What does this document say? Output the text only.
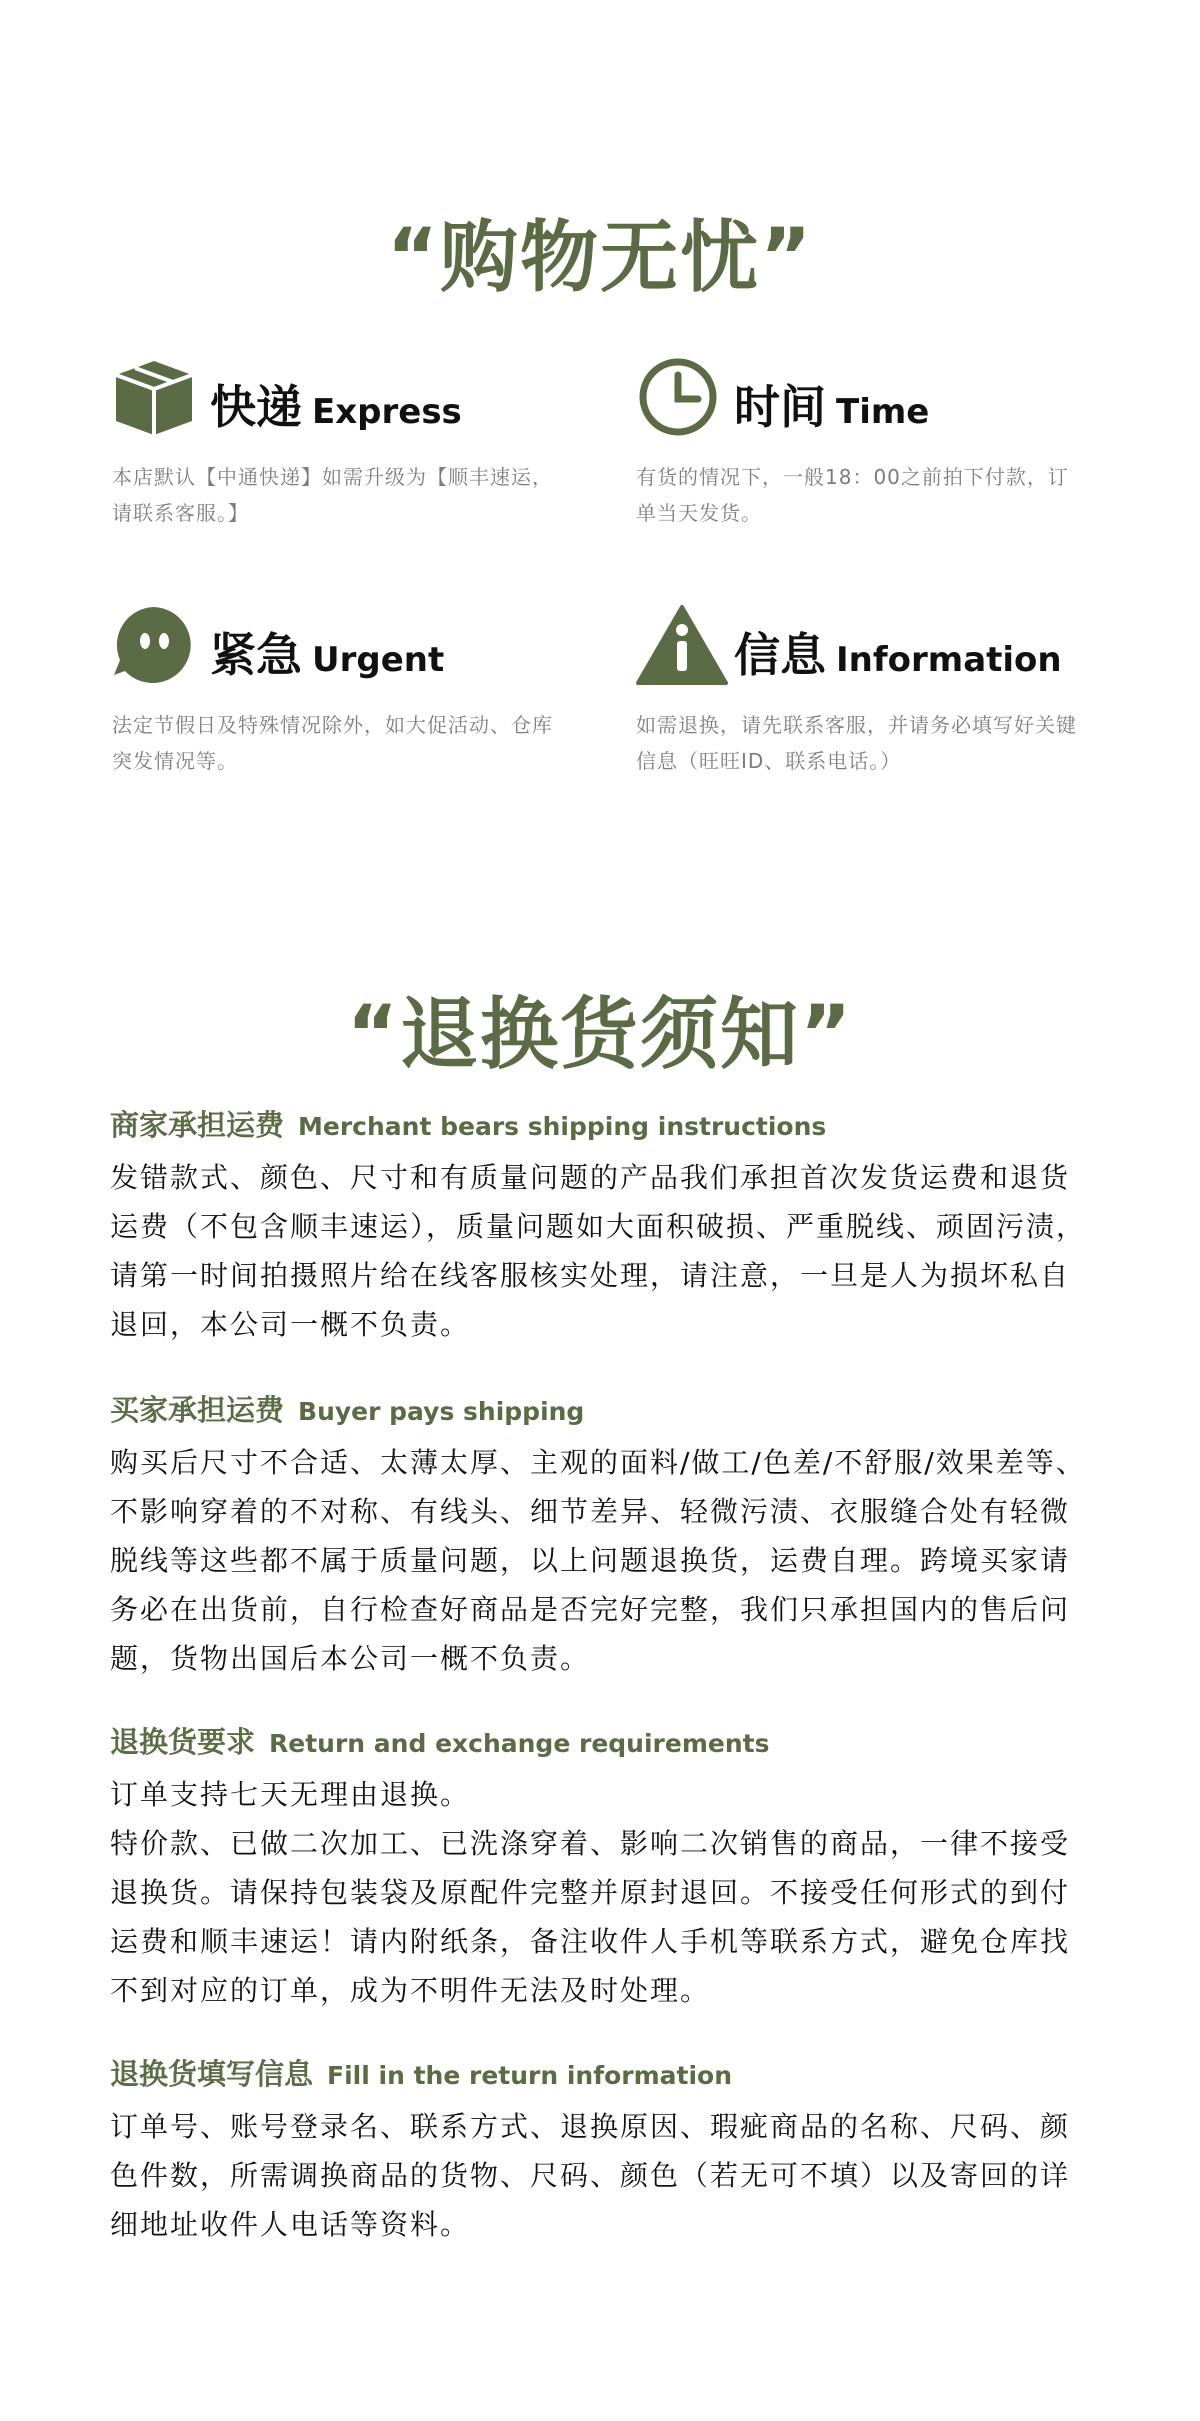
“购物无忧”
快递 Express
本店默认【中通快递】如需升级为【顺丰速运，请联系客服。】
时间 Time
有货的情况下，一般18：00之前拍下付款，订单当天发货。
紧急 Urgent
法定节假日及特殊情况除外，如大促活动、仓库突发情况等。
信息 Information
如需退换，请先联系客服，并请务必填写好关键信息（旺旺ID、联系电话。）
“退换货须知”
商家承担运费 Merchant bears shipping instructions

发错款式、颜色、尺寸和有质量问题的产品我们承担首次发货运费和退货运费（不包含顺丰速运），质量问题如大面积破损、严重脱线、顽固污渍，请第一时间拍摄照片给在线客服核实处理，请注意，一旦是人为损坏私自退回，本公司一概不负责。

买家承担运费 Buyer pays shipping

购买后尺寸不合适、太薄太厚、主观的面料/做工/色差/不舒服/效果差等、不影响穿着的不对称、有线头、细节差异、轻微污渍、衣服缝合处有轻微脱线等这些都不属于质量问题，以上问题退换货，运费自理。跨境买家请务必在出货前，自行检查好商品是否完好完整，我们只承担国内的售后问题，货物出国后本公司一概不负责。

退换货要求 Return and exchange requirements

订单支持七天无理由退换。

特价款、已做二次加工、已洗涤穿着、影响二次销售的商品，一律不接受退换货。请保持包装袋及原配件完整并原封退回。不接受任何形式的到付运费和顺丰速运！请内附纸条，备注收件人手机等联系方式，避免仓库找不到对应的订单，成为不明件无法及时处理。

退换货填写信息 Fill in the return information

订单号、账号登录名、联系方式、退换原因、瑕疵商品的名称、尺码、颜色件数，所需调换商品的货物、尺码、颜色（若无可不填）以及寄回的详细地址收件人电话等资料。
